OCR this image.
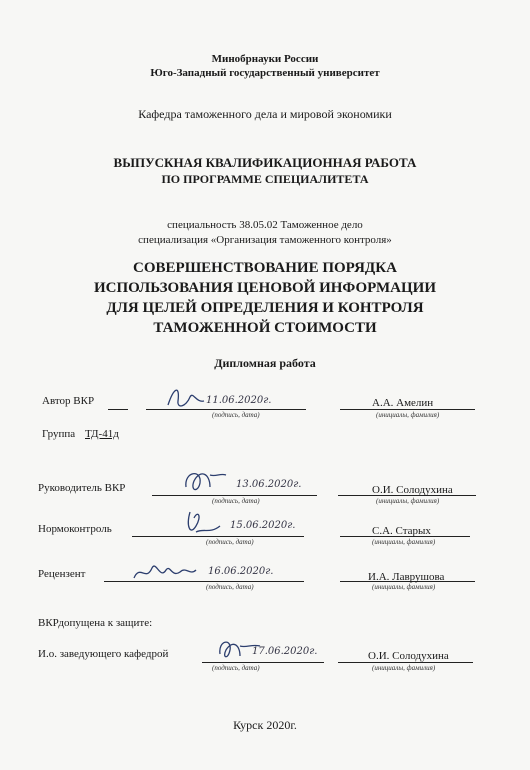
Минобрнауки России
Юго-Западный государственный университет
Кафедра таможенного дела и мировой экономики
ВЫПУСКНАЯ КВАЛИФИКАЦИОННАЯ РАБОТА
ПО ПРОГРАММЕ СПЕЦИАЛИТЕТА
специальность 38.05.02 Таможенное дело
специализация «Организация таможенного контроля»
СОВЕРШЕНСТВОВАНИЕ ПОРЯДКА
ИСПОЛЬЗОВАНИЯ ЦЕНОВОЙ ИНФОРМАЦИИ
ДЛЯ ЦЕЛЕЙ ОПРЕДЕЛЕНИЯ И КОНТРОЛЯ
ТАМОЖЕННОЙ СТОИМОСТИ
Дипломная работа
Автор ВКР	11.06.2020г.
(подпись, дата)
А.А. Амелин
(инициалы, фамилия)
Группа ТД-41д
Руководитель ВКР	13.06.2020г.
(подпись, дата)
О.И. Солодухина
(инициалы, фамилия)
Нормоконтроль	15.06.2020г.
(подпись, дата)
С.А. Старых
(инициалы, фамилия)
Рецензент	16.06.2020г.
(подпись, дата)
И.А. Лаврушова
(инициалы, фамилия)
ВКРдопущена к защите:
И.о. заведующего кафедрой	17.06.2020г.
(подпись, дата)
О.И. Солодухина
(инициалы, фамилия)
Курск 2020г.
